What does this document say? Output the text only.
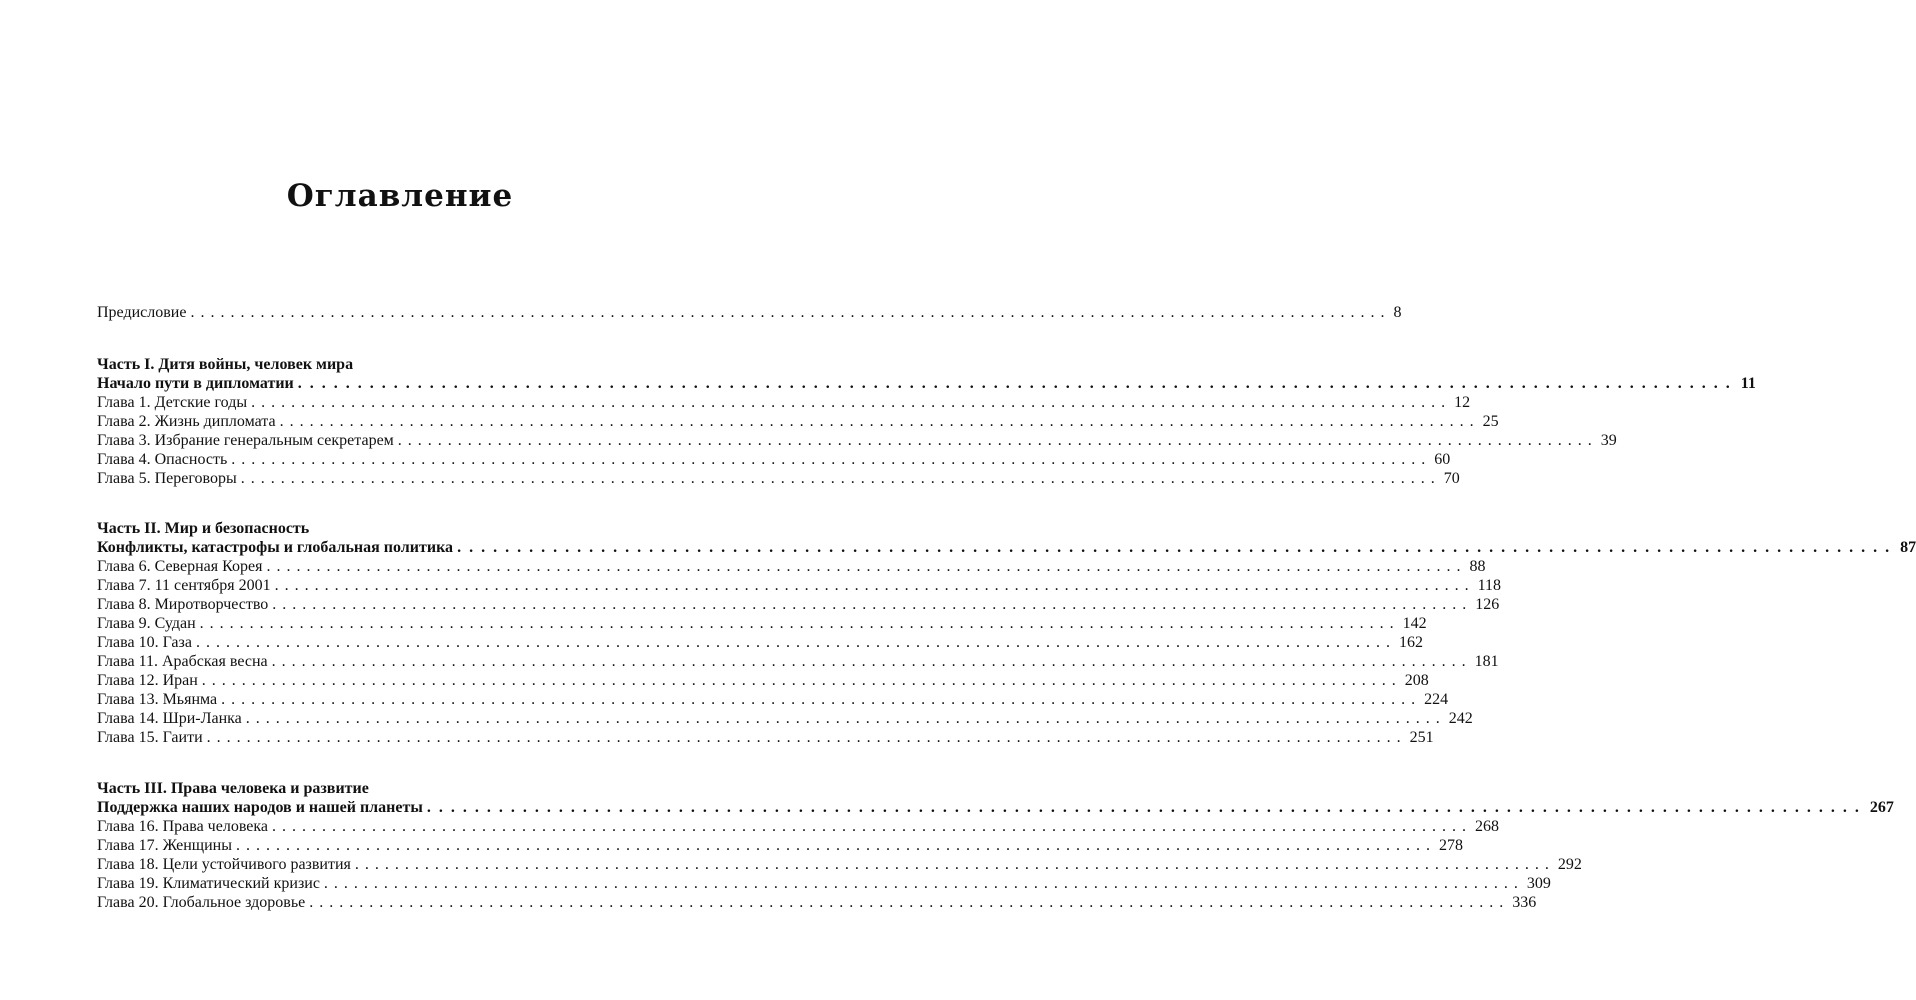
Оглавление
Предисловие ........................................................................................................................ 8
Часть I. Дитя войны, человек мира
Начало пути в дипломатии ........................................................................................................................ 11
Глава 1. Детские годы ........................................................................................................................ 12
Глава 2. Жизнь дипломата ........................................................................................................................ 25
Глава 3. Избрание генеральным секретарем ........................................................................................................................ 39
Глава 4. Опасность ........................................................................................................................ 60
Глава 5. Переговоры ........................................................................................................................ 70
Часть II. Мир и безопасность
Конфликты, катастрофы и глобальная политика ........................................................................................................................ 87
Глава 6. Северная Корея ........................................................................................................................ 88
Глава 7. 11 сентября 2001 ........................................................................................................................ 118
Глава 8. Миротворчество ........................................................................................................................ 126
Глава 9. Судан ........................................................................................................................ 142
Глава 10. Газа ........................................................................................................................ 162
Глава 11. Арабская весна ........................................................................................................................ 181
Глава 12. Иран ........................................................................................................................ 208
Глава 13. Мьянма ........................................................................................................................ 224
Глава 14. Шри-Ланка ........................................................................................................................ 242
Глава 15. Гаити ........................................................................................................................ 251
Часть III. Права человека и развитие
Поддержка наших народов и нашей планеты ........................................................................................................................ 267
Глава 16. Права человека ........................................................................................................................ 268
Глава 17. Женщины ........................................................................................................................ 278
Глава 18. Цели устойчивого развития ........................................................................................................................ 292
Глава 19. Климатический кризис ........................................................................................................................ 309
Глава 20. Глобальное здоровье ........................................................................................................................ 336
